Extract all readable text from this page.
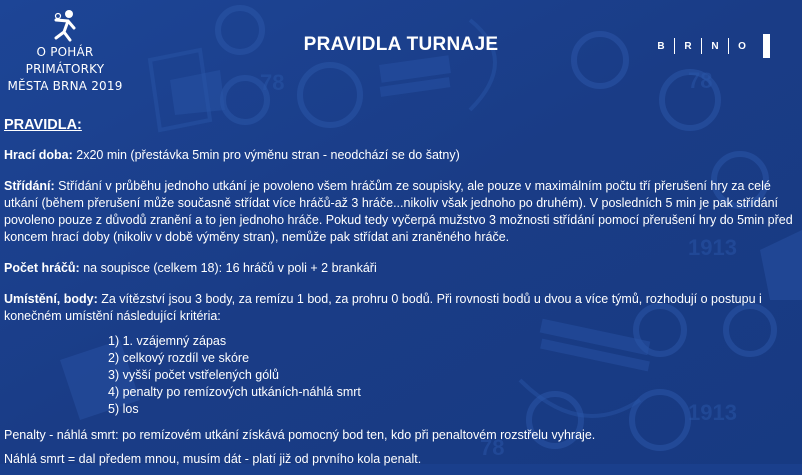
78	78
1913
1913
78
O POHÁR PRIMÁTORKY
MĚSTA BRNA 2019
PRAVIDLA TURNAJE	B	R	N	O
PRAVIDLA:
Hrací doba: 2x20 min (přestávka 5min pro výměnu stran - neodchází se do šatny)
Střídání: Střídání v průběhu jednoho utkání je povoleno všem hráčům ze soupisky, ale pouze v maximálním počtu tří přerušení hry za celé utkání (během přerušení může současně střídat více hráčů-až 3 hráče...nikoliv však jednoho po druhém). V posledních 5 min je pak střídání povoleno pouze z důvodů zranění a to jen jednoho hráče. Pokud tedy vyčerpá mužstvo 3 možnosti střídání pomocí přerušení hry do 5min před koncem hrací doby (nikoliv v době výměny stran), nemůže pak střídat ani zraněného hráče.
Počet hráčů: na soupisce (celkem 18): 16 hráčů v poli + 2 brankáři
Umístění, body: Za vítězství jsou 3 body, za remízu 1 bod, za prohru 0 bodů. Při rovnosti bodů u dvou a více týmů, rozhodují o postupu i konečném umístění následující kritéria:
1) 1. vzájemný zápas
2) celkový rozdíl ve skóre
3) vyšší počet vstřelených gólů
4) penalty po remízových utkáních-náhlá smrt
5) los
Penalty - náhlá smrt: po remízovém utkání získává pomocný bod ten, kdo při penaltovém rozstřelu vyhraje.
Náhlá smrt = dal předem mnou, musím dát - platí již od prvního kola penalt.
